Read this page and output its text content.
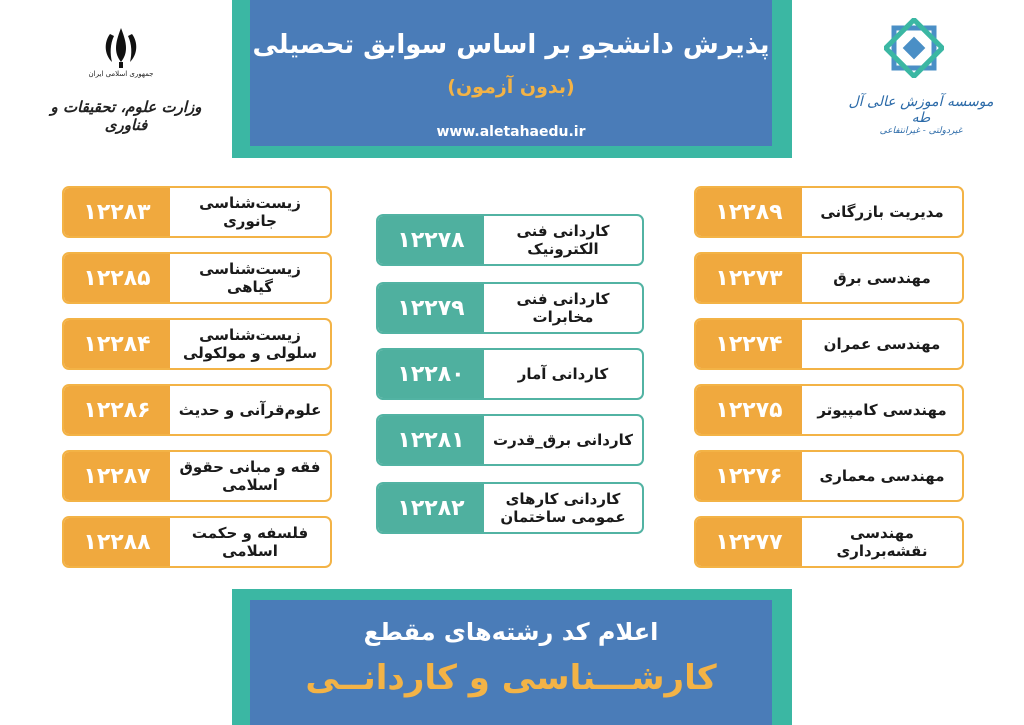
پذیرش دانشجو بر اساس سوابق تحصیلی
(بدون آزمون)
www.aletahaedu.ir
جمهوری اسلامی ایران
وزارت علوم، تحقیقات و فناوری
موسسه آموزش عالی آل طه
غیردولتی - غیرانتفاعی
۱۲۲۸۳	زیست‌شناسی جانوری
۱۲۲۸۵	زیست‌شناسی گیاهی
۱۲۲۸۴	زیست‌شناسی سلولی و مولکولی
۱۲۲۸۶	علوم‌قرآنی و حدیث
۱۲۲۸۷	فقه و مبانی حقوق اسلامی
۱۲۲۸۸	فلسفه و حکمت اسلامی
۱۲۲۷۸	کاردانی فنی الکترونیک
۱۲۲۷۹	کاردانی فنی مخابرات
۱۲۲۸۰	کاردانی آمار
۱۲۲۸۱	کاردانی برق_قدرت
۱۲۲۸۲	کاردانی کارهای عمومی ساختمان
۱۲۲۸۹	مدیریت بازرگانی
۱۲۲۷۳	مهندسی برق
۱۲۲۷۴	مهندسی عمران
۱۲۲۷۵	مهندسی کامپیوتر
۱۲۲۷۶	مهندسی معماری
۱۲۲۷۷	مهندسی نقشه‌برداری
اعلام کد رشته‌های مقطع
کارشـــناسی و کاردانــی
